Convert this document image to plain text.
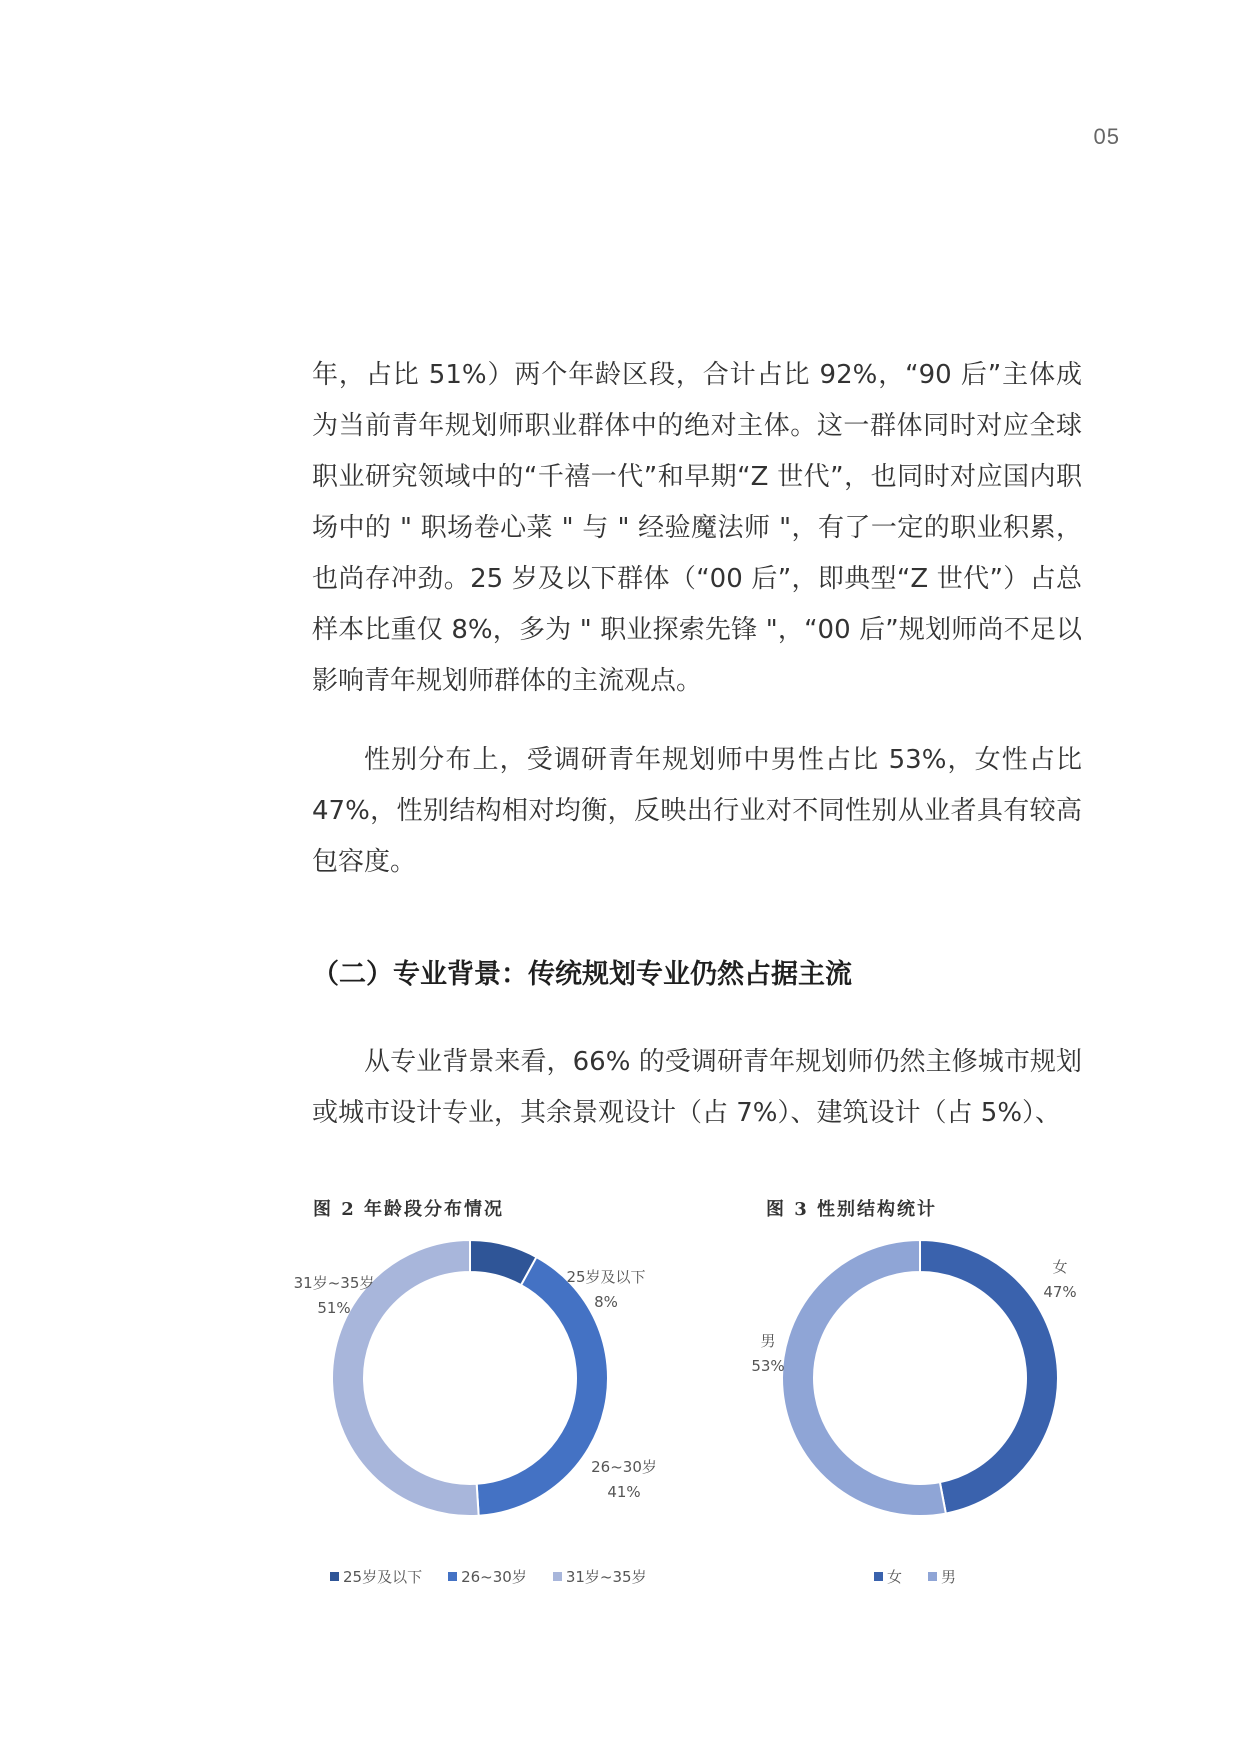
05

年，占比 51%）两个年龄区段，合计占比 92%，“90 后”主体成为当前青年规划师职业群体中的绝对主体。这一群体同时对应全球职业研究领域中的“千禧一代”和早期“Z 世代”，也同时对应国内职场中的 " 职场卷心菜 " 与 " 经验魔法师 "，有了一定的职业积累，也尚存冲劲。25 岁及以下群体（“00 后”，即典型“Z 世代”）占总样本比重仅 8%，多为 " 职业探索先锋 "，“00 后”规划师尚不足以影响青年规划师群体的主流观点。

性别分布上，受调研青年规划师中男性占比 53%，女性占比 47%，性别结构相对均衡，反映出行业对不同性别从业者具有较高包容度。

（二）专业背景：传统规划专业仍然占据主流

从专业背景来看，66% 的受调研青年规划师仍然主修城市规划或城市设计专业，其余景观设计（占 7%）、建筑设计（占 5%）、

图 2 年龄段分布情况
25岁及以下
8%
26~30岁
41%
31岁~35岁
51%
25岁及以下	26~30岁	31岁~35岁
图 3 性别结构统计
女
47%
男
53%
女	男
